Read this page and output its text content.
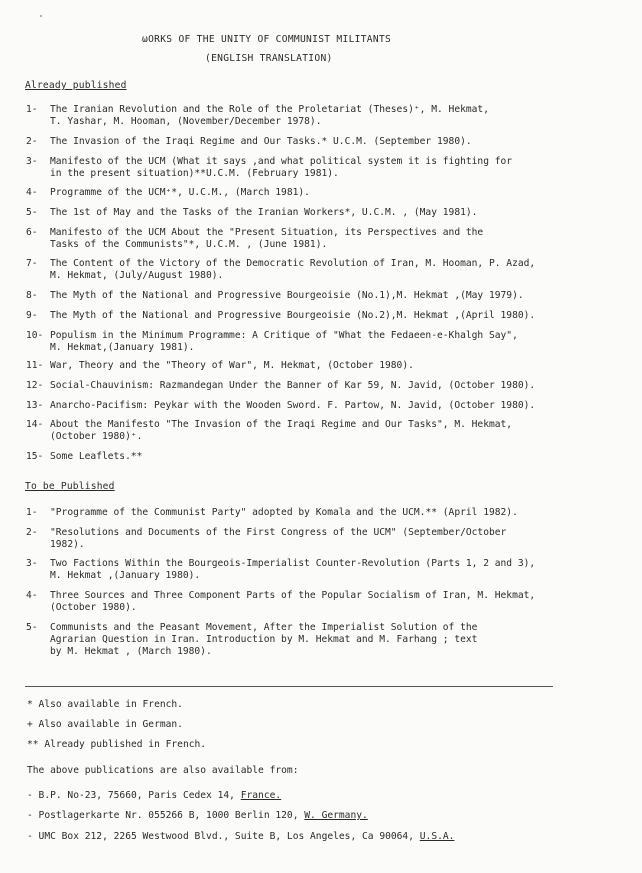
ωORKS OF THE UNITY OF COMMUNIST MILITANTS
(ENGLISH TRANSLATION)
Already published
1-	The Iranian Revolution and the Role of the Proletariat (Theses)⁺, M. Hekmat,
T. Yashar, M. Hooman, (November/December 1978).
2-	The Invasion of the Iraqi Regime and Our Tasks.* U.C.M. (September 1980).
3-	Manifesto of the UCM (What it says ,and what political system it is fighting for
in the present situation)**U.C.M. (February 1981).
4-	Programme of the UCM⁺*, U.C.M., (March 1981).
5-	The 1st of May and the Tasks of the Iranian Workers*, U.C.M. , (May 1981).
6-	Manifesto of the UCM About the "Present Situation, its Perspectives and the
Tasks of the Communists"*, U.C.M. , (June 1981).
7-	The Content of the Victory of the Democratic Revolution of Iran, M. Hooman, P. Azad,
M. Hekmat, (July/August 1980).
8-	The Myth of the National and Progressive Bourgeoisie (No.1),M. Hekmat ,(May 1979).
9-	The Myth of the National and Progressive Bourgeoisie (No.2),M. Hekmat ,(April 1980).
10- Populism in the Minimum Programme: A Critique of "What the Fedaeen-e-Khalgh Say",
M. Hekmat,(January 1981).
11- War, Theory and the "Theory of War", M. Hekmat, (October 1980).
12- Social-Chauvinism: Razmandegan Under the Banner of Kar 59, N. Javid, (October 1980).
13- Anarcho-Pacifism: Peykar with the Wooden Sword. F. Partow, N. Javid, (October 1980).
14- About the Manifesto "The Invasion of the Iraqi Regime and Our Tasks", M. Hekmat,
(October 1980)⁺.
15- Some Leaflets.**
To be Published
1-	"Programme of the Communist Party" adopted by Komala and the UCM.** (April 1982).
2-	"Resolutions and Documents of the First Congress of the UCM" (September/October
1982).
3-	Two Factions Within the Bourgeois-Imperialist Counter-Revolution (Parts 1, 2 and 3),
M. Hekmat ,(January 1980).
4-	Three Sources and Three Component Parts of the Popular Socialism of Iran, M. Hekmat,
(October 1980).
5-	Communists and the Peasant Movement, After the Imperialist Solution of the
Agrarian Question in Iran. Introduction by M. Hekmat and M. Farhang ; text
by M. Hekmat , (March 1980).
* Also available in French.
+ Also available in German.
** Already published in French.
The above publications are also available from:
- B.P. No-23, 75660, Paris Cedex 14, France.
- Postlagerkarte Nr. 055266 B, 1000 Berlin 120, W. Germany.
- UMC Box 212, 2265 Westwood Blvd., Suite B, Los Angeles, Ca 90064, U.S.A.
